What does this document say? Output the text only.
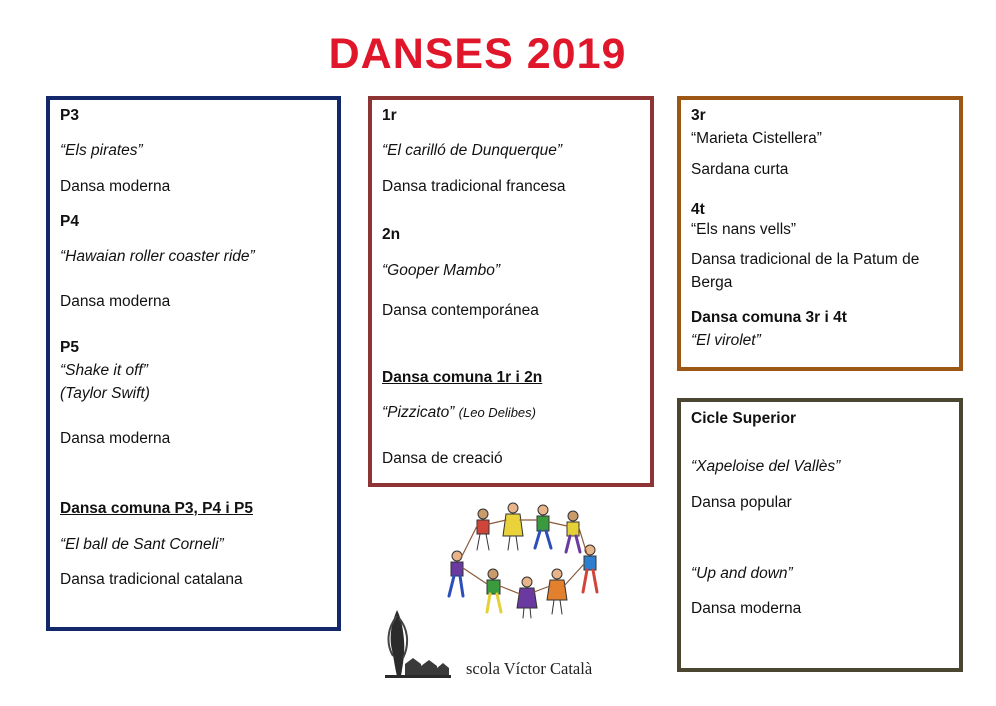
DANSES 2019
P3
“Els pirates”
Dansa moderna
P4
“Hawaian roller coaster ride”
Dansa moderna
P5
“Shake it off”
(Taylor Swift)
Dansa moderna
Dansa comuna P3, P4 i P5
“El ball de Sant Corneli”
Dansa tradicional catalana
1r
“El carilló de Dunquerque”
Dansa tradicional francesa
2n
“Gooper Mambo”
Dansa contemporánea
Dansa comuna 1r i 2n
“Pizzicato” (Leo Delibes)
Dansa de creació
3r
“Marieta Cistellera”
Sardana curta
4t
“Els nans vells”
Dansa tradicional de la Patum de
Berga
Dansa comuna 3r i 4t
“El virolet”
Cicle Superior
“Xapeloise del Vallès”
Dansa popular
“Up and down”
Dansa moderna
scola Víctor Català
